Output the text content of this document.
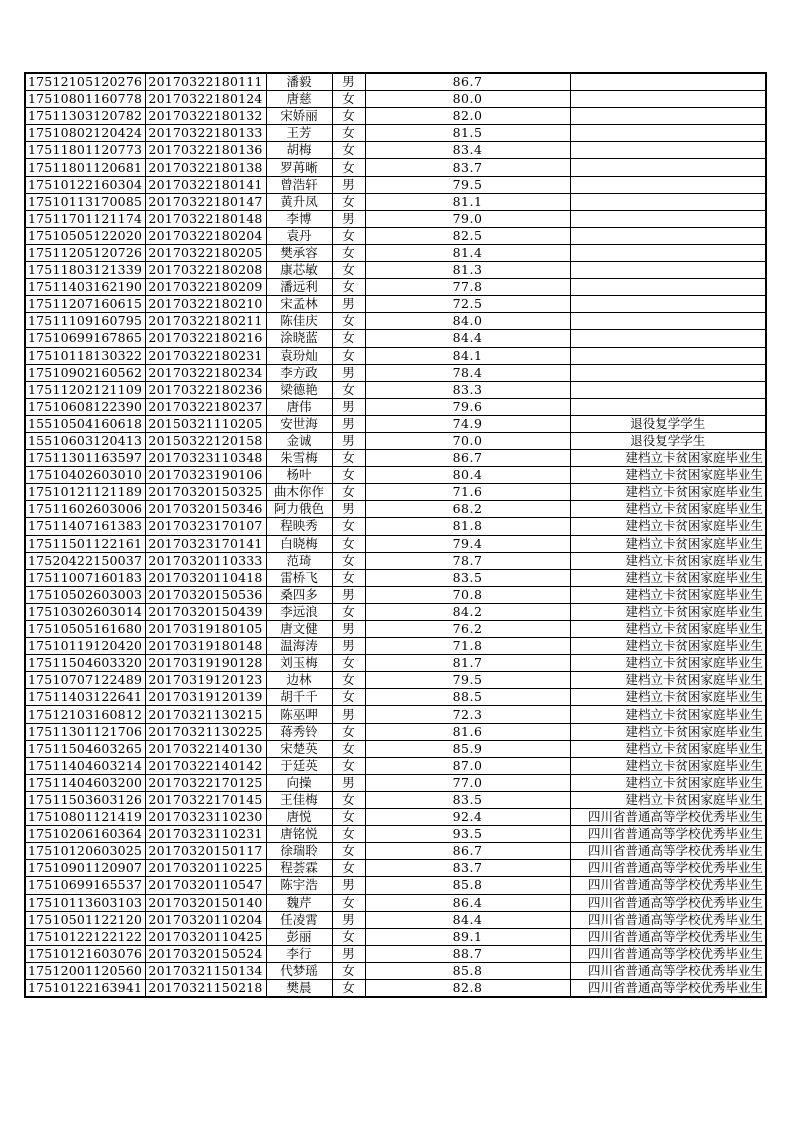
17512105120276	20170322180111	潘毅	男	86.7	
17510801160778	20170322180124	唐慈	女	80.0	
17511303120782	20170322180132	宋娇丽	女	82.0	
17510802120424	20170322180133	王芳	女	81.5	
17511801120773	20170322180136	胡梅	女	83.4	
17511801120681	20170322180138	罗苒晰	女	83.7	
17510122160304	20170322180141	曾浩轩	男	79.5	
17510113170085	20170322180147	黄升凤	女	81.1	
17511701121174	20170322180148	李博	男	79.0	
17510505122020	20170322180204	袁丹	女	82.5	
17511205120726	20170322180205	樊承容	女	81.4	
17511803121339	20170322180208	康芯敏	女	81.3	
17511403162190	20170322180209	潘远利	女	77.8	
17511207160615	20170322180210	宋孟林	男	72.5	
17511109160795	20170322180211	陈佳庆	女	84.0	
17510699167865	20170322180216	涂晓蓝	女	84.4	
17510118130322	20170322180231	袁玢灿	女	84.1	
17510902160562	20170322180234	李方政	男	78.4	
17511202121109	20170322180236	梁德艳	女	83.3	
17510608122390	20170322180237	唐伟	男	79.6	
15510504160618	20150321110205	安世海	男	74.9	退役复学学生
15510603120413	20150322120158	金诚	男	70.0	退役复学学生
17511301163597	20170323110348	朱雪梅	女	86.7	建档立卡贫困家庭毕业生
17510402603010	20170323190106	杨叶	女	80.4	建档立卡贫困家庭毕业生
17510121121189	20170320150325	曲木你作	女	71.6	建档立卡贫困家庭毕业生
17511602603006	20170320150346	阿力俄色	男	68.2	建档立卡贫困家庭毕业生
17511407161383	20170323170107	程映秀	女	81.8	建档立卡贫困家庭毕业生
17511501122161	20170323170141	白晓梅	女	79.4	建档立卡贫困家庭毕业生
17520422150037	20170320110333	范琦	女	78.7	建档立卡贫困家庭毕业生
17511007160183	20170320110418	雷桥飞	女	83.5	建档立卡贫困家庭毕业生
17510502603003	20170320150536	桑四多	男	70.8	建档立卡贫困家庭毕业生
17510302603014	20170320150439	李远浪	女	84.2	建档立卡贫困家庭毕业生
17510505161680	20170319180105	唐文健	男	76.2	建档立卡贫困家庭毕业生
17510119120420	20170319180148	温海涛	男	71.8	建档立卡贫困家庭毕业生
17511504603320	20170319190128	刘玉梅	女	81.7	建档立卡贫困家庭毕业生
17510707122489	20170319120123	边林	女	79.5	建档立卡贫困家庭毕业生
17511403122641	20170319120139	胡千千	女	88.5	建档立卡贫困家庭毕业生
17512103160812	20170321130215	陈巫呷	男	72.3	建档立卡贫困家庭毕业生
17511301121706	20170321130225	蒋秀铃	女	81.6	建档立卡贫困家庭毕业生
17511504603265	20170322140130	宋楚英	女	85.9	建档立卡贫困家庭毕业生
17511404603214	20170322140142	于廷英	女	87.0	建档立卡贫困家庭毕业生
17511404603200	20170322170125	向操	男	77.0	建档立卡贫困家庭毕业生
17511503603126	20170322170145	王佳梅	女	83.5	建档立卡贫困家庭毕业生
17510801121419	20170323110230	唐悦	女	92.4	四川省普通高等学校优秀毕业生
17510206160364	20170323110231	唐铭悦	女	93.5	四川省普通高等学校优秀毕业生
17510120603025	20170320150117	徐瑞聆	女	86.7	四川省普通高等学校优秀毕业生
17510901120907	20170320110225	程荟霖	女	83.7	四川省普通高等学校优秀毕业生
17510699165537	20170320110547	陈宇浩	男	85.8	四川省普通高等学校优秀毕业生
17510113603103	20170320150140	魏芹	女	86.4	四川省普通高等学校优秀毕业生
17510501122120	20170320110204	任凌霄	男	84.4	四川省普通高等学校优秀毕业生
17510122122122	20170320110425	彭丽	女	89.1	四川省普通高等学校优秀毕业生
17510121603076	20170320150524	李行	男	88.7	四川省普通高等学校优秀毕业生
17512001120560	20170321150134	代梦瑶	女	85.8	四川省普通高等学校优秀毕业生
17510122163941	20170321150218	樊晨	女	82.8	四川省普通高等学校优秀毕业生
